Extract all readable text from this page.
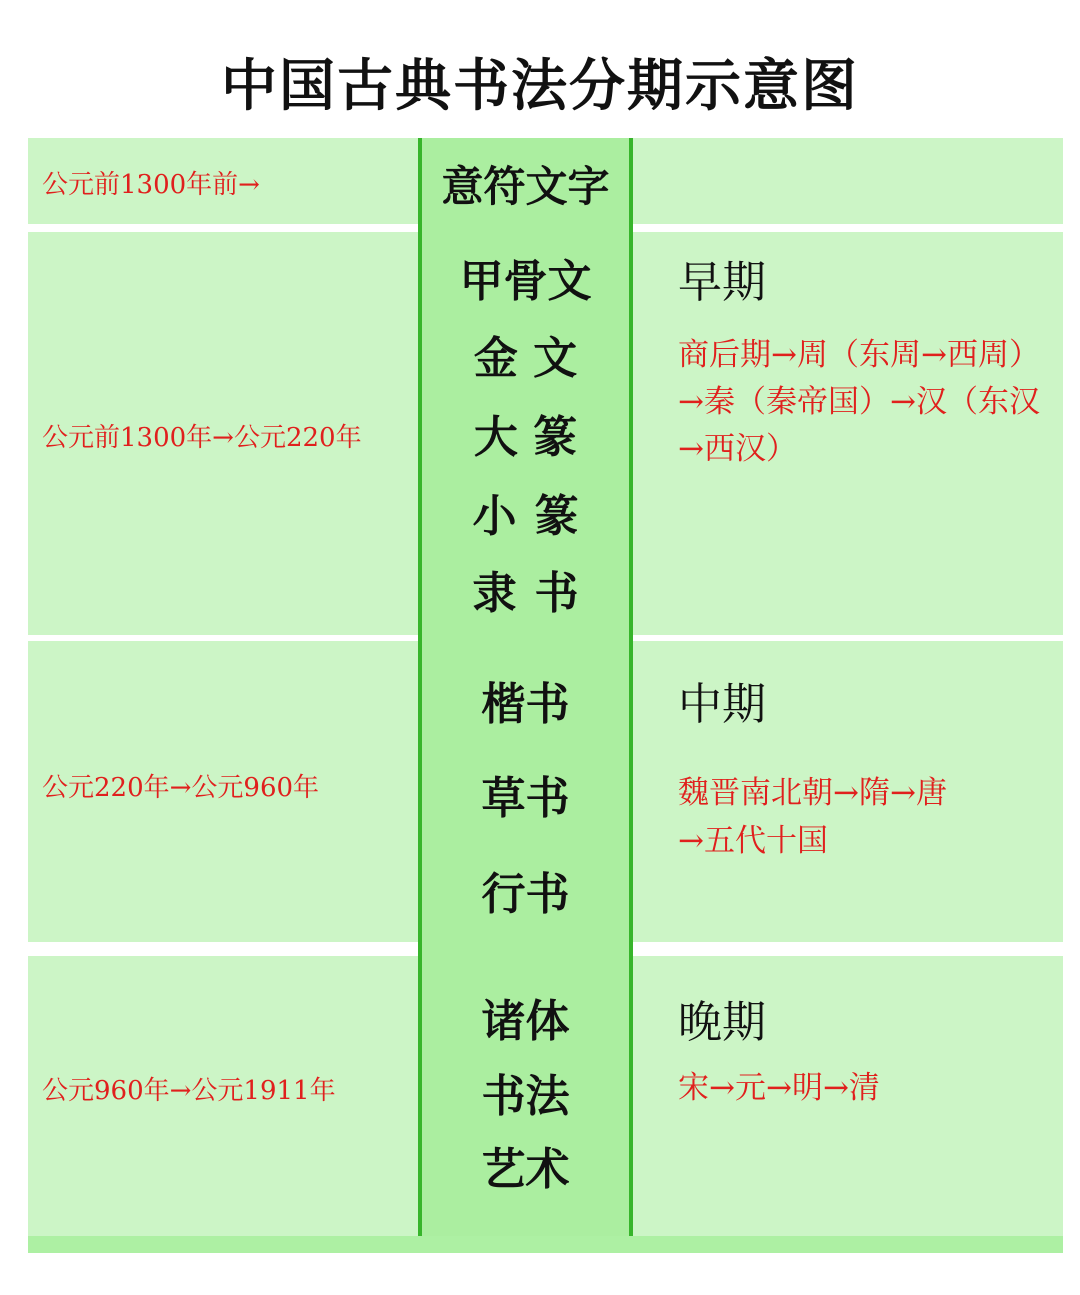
中国古典书法分期示意图
公元前1300年前→	意符文字
公元前1300年→公元220年
甲骨文
金 文
大 篆
小篆
隶书
早期
商后期→周（东周→西周）
→秦（秦帝国）→汉（东汉
→西汉）
公元220年→公元960年
楷书
草书
行书
中期
魏晋南北朝→隋→唐
→五代十国
公元960年→公元1911年
诸体
书法
艺术
晚期
宋→元→明→清
